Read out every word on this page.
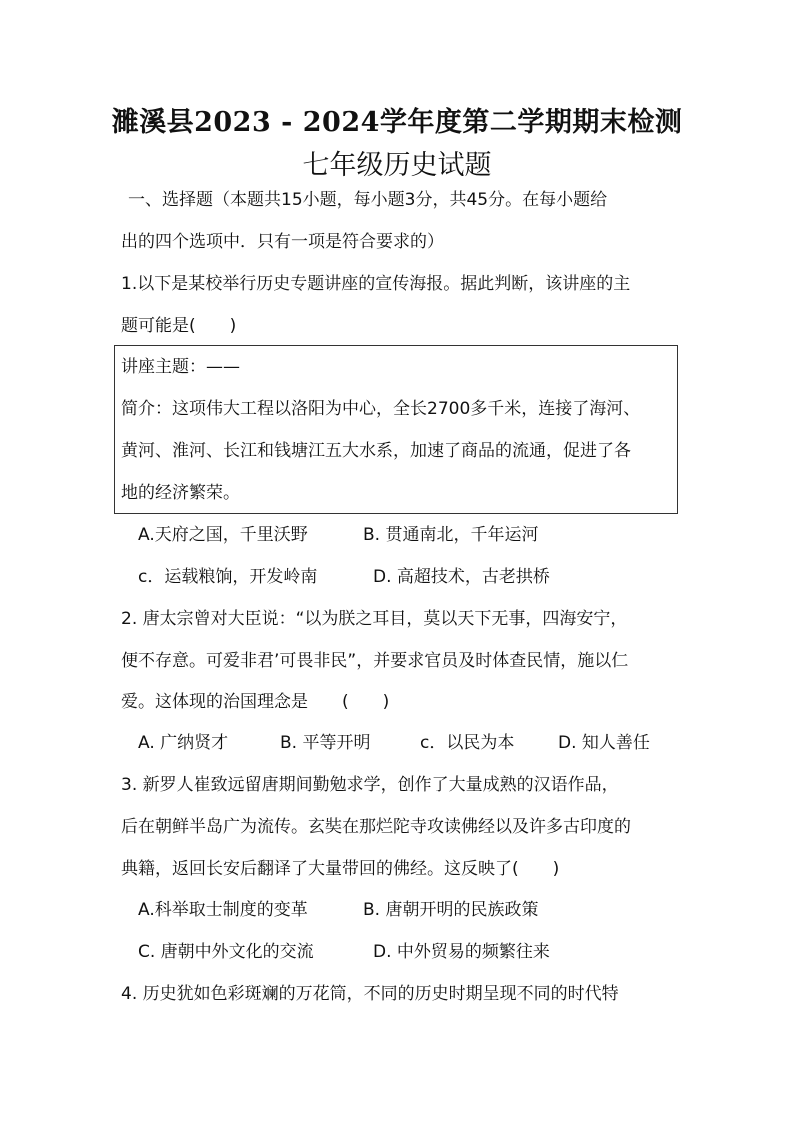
濉溪县2023 - 2024学年度第二学期期末检测
七年级历史试题
一、选择题（本题共15小题，每小题3分，共45分。在每小题给
出的四个选项中．只有一项是符合要求的）
1.以下是某校举行历史专题讲座的宣传海报。据此判断，该讲座的主
题可能是(　　)
讲座主题：——
简介：这项伟大工程以洛阳为中心，全长2700多千米，连接了海河、
黄河、淮河、长江和钱塘江五大水系，加速了商品的流通，促进了各
地的经济繁荣。
A.天府之国，千里沃野	B. 贯通南北，千年运河
c．运载粮饷，开发岭南	D. 高超技术，古老拱桥
2. 唐太宗曾对大臣说：“以为朕之耳目，莫以天下无事，四海安宁，
便不存意。可爱非君’可畏非民”，并要求官员及时体查民情，施以仁
爱。这体现的治国理念是　　(　　)
A. 广纳贤才	B. 平等开明	c．以民为本	D. 知人善任
3. 新罗人崔致远留唐期间勤勉求学，创作了大量成熟的汉语作品，
后在朝鲜半岛广为流传。玄奘在那烂陀寺攻读佛经以及许多古印度的
典籍，返回长安后翻译了大量带回的佛经。这反映了(　　)
A.科举取士制度的变革	B. 唐朝开明的民族政策
C. 唐朝中外文化的交流	D. 中外贸易的频繁往来
4. 历史犹如色彩斑斓的万花筒，不同的历史时期呈现不同的时代特
